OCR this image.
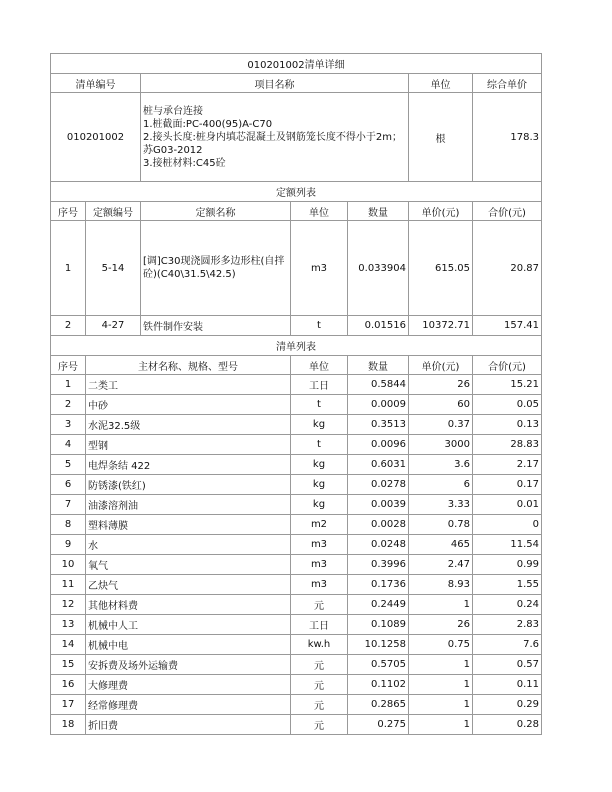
010201002清单详细						
清单编号		项目名称			单位	综合单价
010201002		桩与承台连接
1.桩截面:PC-400(95)A-C70
2.接头长度:桩身内填芯混凝土及钢筋笼长度不得小于2m；　苏G03-2012
3.接桩材料:C45砼			根	178.3
定额列表						
序号	定额编号	定额名称	单位	数量	单价(元)	合价(元)
1	5-14	[调]C30现浇圆形多边形柱(自拌砼)(C40\31.5\42.5)	m3	0.033904	615.05	20.87
2	4-27	铁件制作安装	t	0.01516	10372.71	157.41
清单列表						
序号	主材名称、规格、型号		单位	数量	单价(元)	合价(元)
1	二类工		工日	0.5844	26	15.21
2	中砂		t	0.0009	60	0.05
3	水泥32.5级		kg	0.3513	0.37	0.13
4	型钢		t	0.0096	3000	28.83
5	电焊条结 422		kg	0.6031	3.6	2.17
6	防锈漆(铁红)		kg	0.0278	6	0.17
7	油漆溶剂油		kg	0.0039	3.33	0.01
8	塑料薄膜		m2	0.0028	0.78	0
9	水		m3	0.0248	465	11.54
10	氧气		m3	0.3996	2.47	0.99
11	乙炔气		m3	0.1736	8.93	1.55
12	其他材料费		元	0.2449	1	0.24
13	机械中人工		工日	0.1089	26	2.83
14	机械中电		kw.h	10.1258	0.75	7.6
15	安拆费及场外运输费		元	0.5705	1	0.57
16	大修理费		元	0.1102	1	0.11
17	经常修理费		元	0.2865	1	0.29
18	折旧费		元	0.275	1	0.28
